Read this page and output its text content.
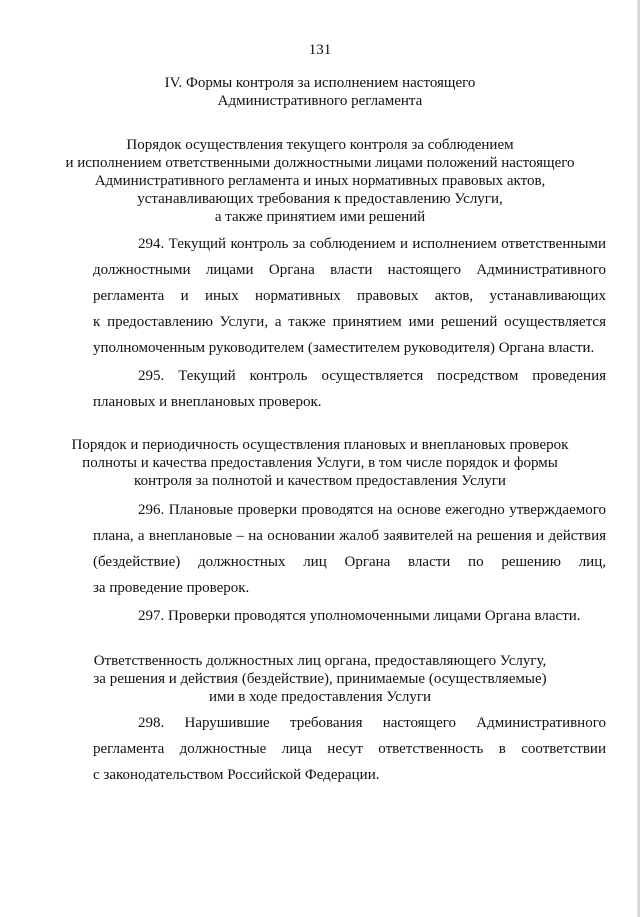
131
IV. Формы контроля за исполнением настоящего
Административного регламента
Порядок осуществления текущего контроля за соблюдением
и исполнением ответственными должностными лицами положений настоящего
Административного регламента и иных нормативных правовых актов,
устанавливающих требования к предоставлению Услуги,
а также принятием ими решений
294. Текущий контроль за соблюдением и исполнением ответственными
должностными лицами Органа власти настоящего Административного
регламента и иных нормативных правовых актов, устанавливающих
к предоставлению Услуги, а также принятием ими решений осуществляется
уполномоченным руководителем (заместителем руководителя) Органа власти.
295. Текущий контроль осуществляется посредством проведения
плановых и внеплановых проверок.
Порядок и периодичность осуществления плановых и внеплановых проверок
полноты и качества предоставления Услуги, в том числе порядок и формы
контроля за полнотой и качеством предоставления Услуги
296. Плановые проверки проводятся на основе ежегодно утверждаемого
плана, а внеплановые – на основании жалоб заявителей на решения и действия
(бездействие) должностных лиц Органа власти по решению лиц,
за проведение проверок.
297. Проверки проводятся уполномоченными лицами Органа власти.
Ответственность должностных лиц органа, предоставляющего Услугу,
за решения и действия (бездействие), принимаемые (осуществляемые)
ими в ходе предоставления Услуги
298. Нарушившие требования настоящего Административного
регламента должностные лица несут ответственность в соответствии
с законодательством Российской Федерации.
